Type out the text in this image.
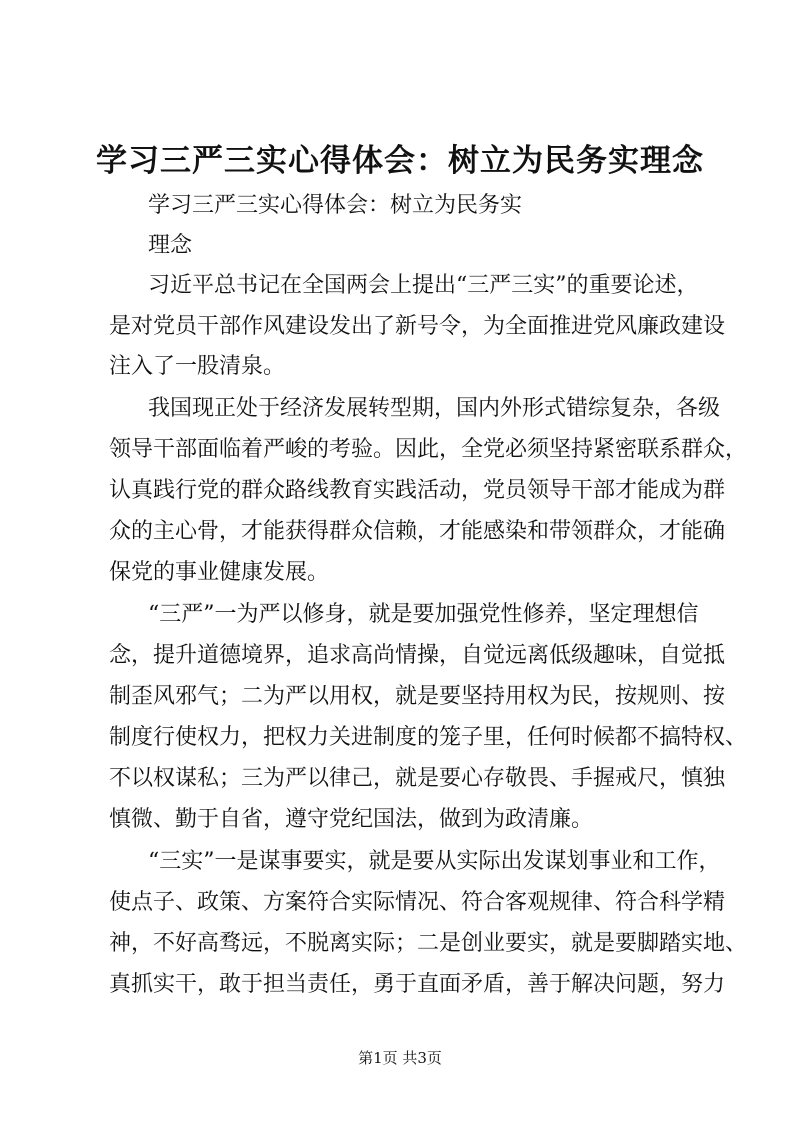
学习三严三实心得体会：树立为民务实理念
学习三严三实心得体会：树立为民务实
理念
习近平总书记在全国两会上提出“三严三实”的重要论述，
是对党员干部作风建设发出了新号令，为全面推进党风廉政建设
注入了一股清泉。
我国现正处于经济发展转型期，国内外形式错综复杂，各级
领导干部面临着严峻的考验。因此，全党必须坚持紧密联系群众，
认真践行党的群众路线教育实践活动，党员领导干部才能成为群
众的主心骨，才能获得群众信赖，才能感染和带领群众，才能确
保党的事业健康发展。
“三严”一为严以修身，就是要加强党性修养，坚定理想信
念，提升道德境界，追求高尚情操，自觉远离低级趣味，自觉抵
制歪风邪气；二为严以用权，就是要坚持用权为民，按规则、按
制度行使权力，把权力关进制度的笼子里，任何时候都不搞特权、
不以权谋私；三为严以律己，就是要心存敬畏、手握戒尺，慎独
慎微、勤于自省，遵守党纪国法，做到为政清廉。
“三实”一是谋事要实，就是要从实际出发谋划事业和工作，
使点子、政策、方案符合实际情况、符合客观规律、符合科学精
神，不好高骛远，不脱离实际；二是创业要实，就是要脚踏实地、
真抓实干，敢于担当责任，勇于直面矛盾，善于解决问题，努力
第1页 共3页
